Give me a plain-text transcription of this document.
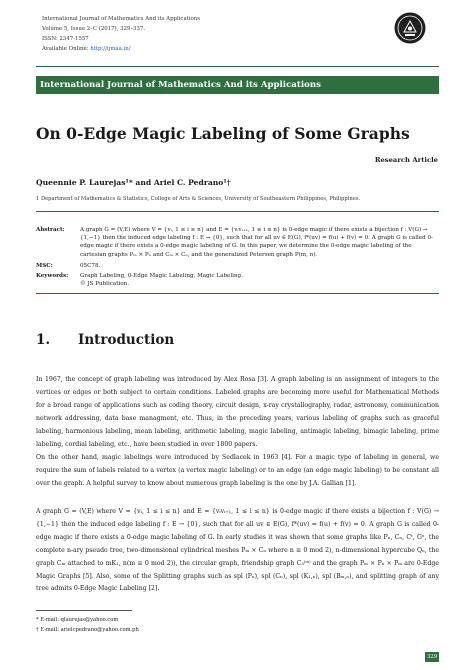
International Journal of Mathematics And its Applications
Volume 5, Issue 2–C (2017), 329–337.
ISSN: 2347-1557
Available Online: http://ijmaa.in/
International Journal of Mathematics And its Applications
On 0-Edge Magic Labeling of Some Graphs
Research Article
Queennie P. Laurejas¹* and Ariel C. Pedrano¹†
1 Department of Mathematics & Statistics, College of Arts & Sciences, University of Southeastern Philippines, Philippines.
Abstract:	A graph G = (V,E) where V = {vᵢ, 1 ≤ i ≤ n} and E = {vᵢvᵢ₊₁, 1 ≤ i ≤ n} is 0-edge magic if there exists a bijection f : V(G) → {1,−1} then the induced edge labeling f : E → {0}, such that for all uv ∈ E(G), f*(uv) = f(u) + f(v) = 0. A graph G is called 0-edge magic if there exists a 0-edge magic labeling of G. In this paper, we determine the 0-edge magic labeling of the cartesian graphs Pₘ × Pₙ and Cₘ × Cₙ, and the generalized Petersen graph P(m, n).
MSC:	05C78.
Keywords: Graph Labeling, 0-Edge Magic Labeling, Magic Labeling.
© JS Publication.
1. Introduction
In 1967, the concept of graph labeling was introduced by Alex Rosa [3]. A graph labeling is an assignment of integers to the vertices or edges or both subject to certain conditions. Labeled graphs are becoming more useful for Mathematical Methods for a broad range of applications such as coding theory, circuit design, x-ray crystallography, radar, astronomy, communication network addressing, data base managment, etc. Thus, in the preceding years, various labeling of graphs such as graceful labeling, harmonious labeling, mean labeling, arithmetic labeling, magic labeling, antimagic labeling, bimagic labeling, prime labeling, cordial labeling, etc., have been studied in over 1800 papers.
On the other hand, magic labelings were introduced by Sedlacek in 1963 [4]. For a magic type of labeling in general, we require the sum of labels related to a vertex (a vertex magic labeling) or to an edge (an edge magic labeling) to be constant all over the graph. A helpful survey to know about numerous graph labeling is the one by J.A. Gallian [1].
A graph G = (V,E) where V = {vᵢ, 1 ≤ i ≤ n} and E = {vᵢvᵢ₊₁, 1 ≤ i ≤ n} is 0-edge magic if there exists a bijection f : V(G) → {1,−1} then the induced edge labeling f : E → {0}, such that for all uv ∈ E(G), f*(uv) = f(u) + f(v) = 0. A graph G is called 0-edge magic if there exists a 0-edge magic labeling of G. In early studies it was shown that some graphs like Pₙ, Cₙ, Cᵗ, Gⁿ, the complete n-ary pseudo tree, two-dimensional cylindrical meshes Pₘ × Cₙ where n ≡ 0 mod 2), n-dimensional hypercube Qₙ, the graph Cₘ attached to mK₁, n(m ≡ 0 mod 2)), the circular graph, friendship graph C₃⁽ᵐ⁾ and the graph Pₘ × Pₙ × Pₘ are 0-Edge Magic Graphs [5]. Also, some of the Splitting graphs such as spl (Pₙ), spl (Cₙ), spl (K₁,ₙ), spl (Bₘ,ₙ), and splitting graph of any tree admits 0-Edge Magic Labeling [2].
* E-mail: qlaurejas@yahoo.com
† E-mail: arielcpedrano@yahoo.com.ph
329
